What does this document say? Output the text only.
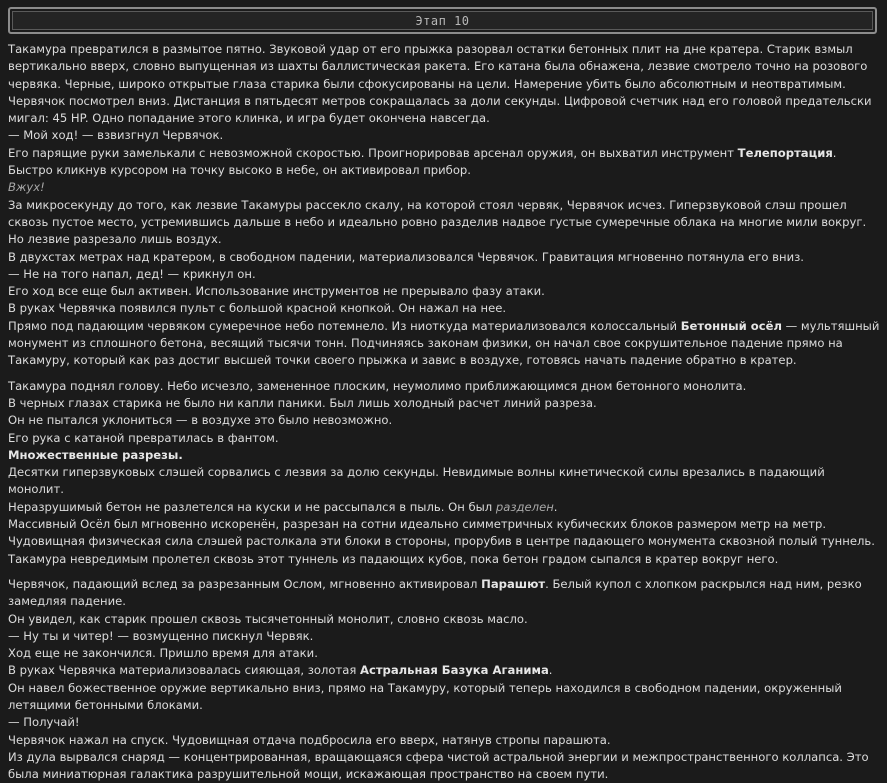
Этап 10

Такамура превратился в размытое пятно. Звуковой удар от его прыжка разорвал остатки бетонных плит на дне кратера. Старик взмыл вертикально вверх, словно выпущенная из шахты баллистическая ракета. Его катана была обнажена, лезвие смотрело точно на розового червяка. Черные, широко открытые глаза старика были сфокусированы на цели. Намерение убить было абсолютным и неотвратимым.

Червячок посмотрел вниз. Дистанция в пятьдесят метров сокращалась за доли секунды. Цифровой счетчик над его головой предательски мигал: 45 HP. Одно попадание этого клинка, и игра будет окончена навсегда.

— Мой ход! — взвизгнул Червячок.

Его парящие руки замелькали с невозможной скоростью. Проигнорировав арсенал оружия, он выхватил инструмент Телепортация. Быстро кликнув курсором на точку высоко в небе, он активировал прибор.

Вжух!

За микросекунду до того, как лезвие Такамуры рассекло скалу, на которой стоял червяк, Червячок исчез. Гиперзвуковой слэш прошел сквозь пустое место, устремившись дальше в небо и идеально ровно разделив надвое густые сумеречные облака на многие мили вокруг.

Но лезвие разрезало лишь воздух.

В двухстах метрах над кратером, в свободном падении, материализовался Червячок. Гравитация мгновенно потянула его вниз.

— Не на того напал, дед! — крикнул он.

Его ход все еще был активен. Использование инструментов не прерывало фазу атаки.

В руках Червячка появился пульт с большой красной кнопкой. Он нажал на нее.

Прямо под падающим червяком сумеречное небо потемнело. Из ниоткуда материализовался колоссальный Бетонный осёл — мультяшный монумент из сплошного бетона, весящий тысячи тонн. Подчиняясь законам физики, он начал свое сокрушительное падение прямо на Такамуру, который как раз достиг высшей точки своего прыжка и завис в воздухе, готовясь начать падение обратно в кратер.

Такамура поднял голову. Небо исчезло, замененное плоским, неумолимо приближающимся дном бетонного монолита.

В черных глазах старика не было ни капли паники. Был лишь холодный расчет линий разреза.

Он не пытался уклониться — в воздухе это было невозможно.

Его рука с катаной превратилась в фантом.

Множественные разрезы.

Десятки гиперзвуковых слэшей сорвались с лезвия за долю секунды. Невидимые волны кинетической силы врезались в падающий монолит.

Неразрушимый бетон не разлетелся на куски и не рассыпался в пыль. Он был разделен.

Массивный Осёл был мгновенно искоренён, разрезан на сотни идеально симметричных кубических блоков размером метр на метр. Чудовищная физическая сила слэшей растолкала эти блоки в стороны, прорубив в центре падающего монумента сквозной полый туннель.

Такамура невредимым пролетел сквозь этот туннель из падающих кубов, пока бетон градом сыпался в кратер вокруг него.

Червячок, падающий вслед за разрезанным Ослом, мгновенно активировал Парашют. Белый купол с хлопком раскрылся над ним, резко замедляя падение.

Он увидел, как старик прошел сквозь тысячетонный монолит, словно сквозь масло.

— Ну ты и читер! — возмущенно пискнул Червяк.

Ход еще не закончился. Пришло время для атаки.

В руках Червячка материализовалась сияющая, золотая Астральная Базука Аганима.

Он навел божественное оружие вертикально вниз, прямо на Такамуру, который теперь находился в свободном падении, окруженный летящими бетонными блоками.

— Получай!

Червячок нажал на спуск. Чудовищная отдача подбросила его вверх, натянув стропы парашюта.

Из дула вырвался снаряд — концентрированная, вращающаяся сфера чистой астральной энергии и межпространственного коллапса. Это была миниатюрная галактика разрушительной мощи, искажающая пространство на своем пути.
